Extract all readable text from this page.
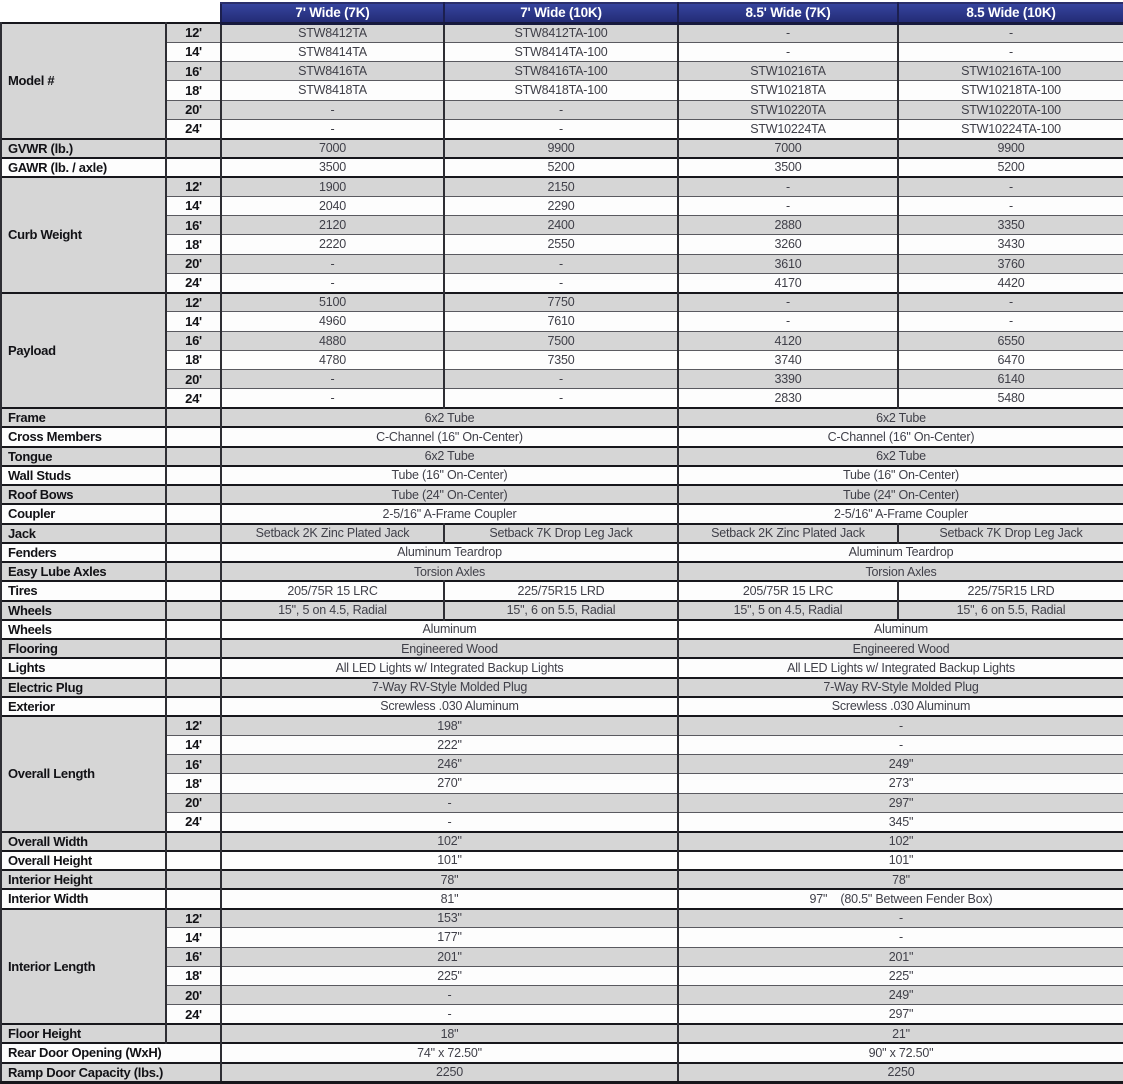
		7' Wide (7K)	7' Wide (10K)	8.5' Wide (7K)	8.5 Wide (10K)
Model #	12'	STW8412TA	STW8412TA-100	-	-
	14'	STW8414TA	STW8414TA-100	-	-
	16'	STW8416TA	STW8416TA-100	STW10216TA	STW10216TA-100
	18'	STW8418TA	STW8418TA-100	STW10218TA	STW10218TA-100
	20'	-	-	STW10220TA	STW10220TA-100
	24'	-	-	STW10224TA	STW10224TA-100
GVWR (lb.)		7000	9900	7000	9900
GAWR (lb. / axle)		3500	5200	3500	5200
Curb Weight	12'	1900	2150	-	-
	14'	2040	2290	-	-
	16'	2120	2400	2880	3350
	18'	2220	2550	3260	3430
	20'	-	-	3610	3760
	24'	-	-	4170	4420
Payload	12'	5100	7750	-	-
	14'	4960	7610	-	-
	16'	4880	7500	4120	6550
	18'	4780	7350	3740	6470
	20'	-	-	3390	6140
	24'	-	-	2830	5480
Frame		6x2 Tube		6x2 Tube	
Cross Members		C-Channel (16" On-Center)		C-Channel (16" On-Center)	
Tongue		6x2 Tube		6x2 Tube	
Wall Studs		Tube (16" On-Center)		Tube (16" On-Center)	
Roof Bows		Tube (24" On-Center)		Tube (24" On-Center)	
Coupler		2-5/16" A-Frame Coupler		2-5/16" A-Frame Coupler	
Jack		Setback 2K Zinc Plated Jack	Setback 7K Drop Leg Jack	Setback 2K Zinc Plated Jack	Setback 7K Drop Leg Jack
Fenders		Aluminum Teardrop		Aluminum Teardrop	
Easy Lube Axles		Torsion Axles		Torsion Axles	
Tires		205/75R 15 LRC	225/75R15 LRD	205/75R 15 LRC	225/75R15 LRD
Wheels		15", 5 on 4.5, Radial	15", 6 on 5.5, Radial	15", 5 on 4.5, Radial	15", 6 on 5.5, Radial
Wheels		Aluminum		Aluminum	
Flooring		Engineered Wood		Engineered Wood	
Lights		All LED Lights w/ Integrated Backup Lights		All LED Lights w/ Integrated Backup Lights	
Electric Plug		7-Way RV-Style Molded Plug		7-Way RV-Style Molded Plug	
Exterior		Screwless .030 Aluminum		Screwless .030 Aluminum	
Overall Length	12'	198"		-	
	14'	222"		-	
	16'	246"		249"	
	18'	270"		273"	
	20'	-		297"	
	24'	-		345"	
Overall Width		102"		102"	
Overall Height		101"		101"	
Interior Height		78"		78"	
Interior Width		81"		97"    (80.5" Between Fender Box)	
Interior Length	12'	153"		-	
	14'	177"		-	
	16'	201"		201"	
	18'	225"		225"	
	20'	-		249"	
	24'	-		297"	
Floor Height		18"		21"	
Rear Door Opening (WxH)		74" x 72.50"		90" x 72.50"	
Ramp Door Capacity (lbs.)		2250		2250	
